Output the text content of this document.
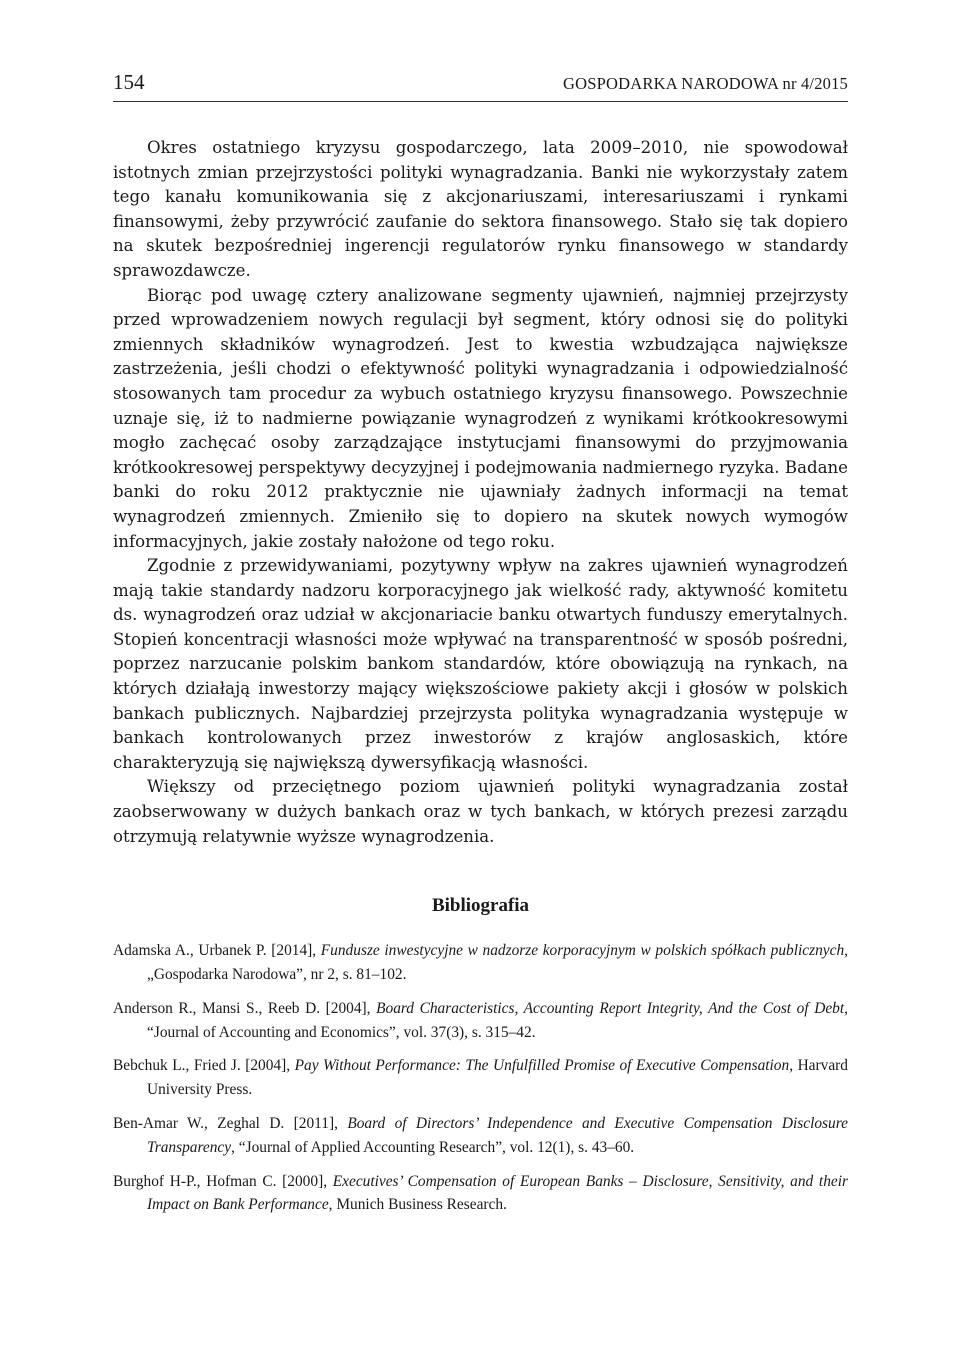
154	GOSPODARKA NARODOWA nr 4/2015

Okres ostatniego kryzysu gospodarczego, lata 2009–2010, nie spowodował istotnych zmian przejrzystości polityki wynagradzania. Banki nie wykorzystały zatem tego kanału komunikowania się z akcjonariuszami, interesariuszami i rynkami finansowymi, żeby przywrócić zaufanie do sektora finansowego. Stało się tak dopiero na skutek bezpośredniej ingerencji regulatorów rynku finansowego w standardy sprawozdawcze.

Biorąc pod uwagę cztery analizowane segmenty ujawnień, najmniej przejrzysty przed wprowadzeniem nowych regulacji był segment, który odnosi się do polityki zmiennych składników wynagrodzeń. Jest to kwestia wzbudzająca największe zastrzeżenia, jeśli chodzi o efektywność polityki wynagradzania i odpowiedzialność stosowanych tam procedur za wybuch ostatniego kryzysu finansowego. Powszechnie uznaje się, iż to nadmierne powiązanie wynagrodzeń z wynikami krótkookresowymi mogło zachęcać osoby zarządzające instytucjami finansowymi do przyjmowania krótkookresowej perspektywy decyzyjnej i podejmowania nadmiernego ryzyka. Badane banki do roku 2012 praktycznie nie ujawniały żadnych informacji na temat wynagrodzeń zmiennych. Zmieniło się to dopiero na skutek nowych wymogów informacyjnych, jakie zostały nałożone od tego roku.

Zgodnie z przewidywaniami, pozytywny wpływ na zakres ujawnień wynagrodzeń mają takie standardy nadzoru korporacyjnego jak wielkość rady, aktywność komitetu ds. wynagrodzeń oraz udział w akcjonariacie banku otwartych funduszy emerytalnych. Stopień koncentracji własności może wpływać na transparentność w sposób pośredni, poprzez narzucanie polskim bankom standardów, które obowiązują na rynkach, na których działają inwestorzy mający większościowe pakiety akcji i głosów w polskich bankach publicznych. Najbardziej przejrzysta polityka wynagradzania występuje w bankach kontrolowanych przez inwestorów z krajów anglosaskich, które charakteryzują się największą dywersyfikacją własności.

Większy od przeciętnego poziom ujawnień polityki wynagradzania został zaobserwowany w dużych bankach oraz w tych bankach, w których prezesi zarządu otrzymują relatywnie wyższe wynagrodzenia.

Bibliografia

Adamska A., Urbanek P. [2014], Fundusze inwestycyjne w nadzorze korporacyjnym w polskich spółkach publicznych, „Gospodarka Narodowa”, nr 2, s. 81–102.

Anderson R., Mansi S., Reeb D. [2004], Board Characteristics, Accounting Report Integrity, And the Cost of Debt, “Journal of Accounting and Economics”, vol. 37(3), s. 315–42.

Bebchuk L., Fried J. [2004], Pay Without Performance: The Unfulfilled Promise of Executive Compensation, Harvard University Press.

Ben-Amar W., Zeghal D. [2011], Board of Directors’ Independence and Executive Compensation Disclosure Transparency, “Journal of Applied Accounting Research”, vol. 12(1), s. 43–60.

Burghof H-P., Hofman C. [2000], Executives’ Compensation of European Banks – Disclosure, Sensitivity, and their Impact on Bank Performance, Munich Business Research.
